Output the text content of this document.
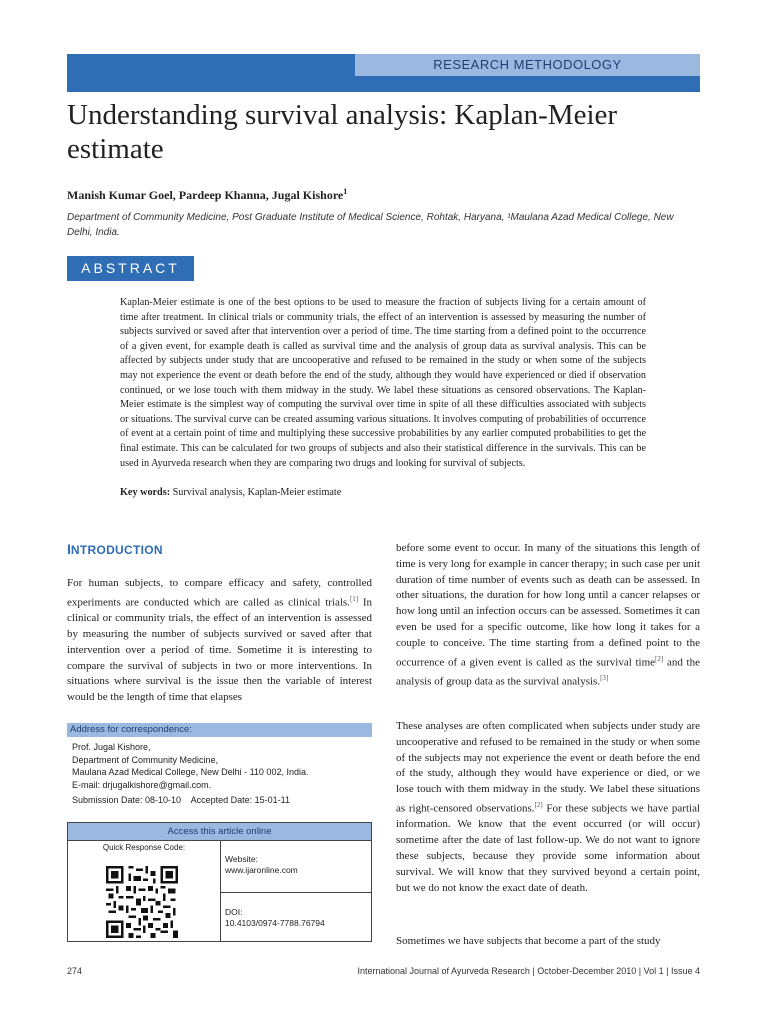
RESEARCH METHODOLOGY
Understanding survival analysis: Kaplan-Meier estimate

Manish Kumar Goel, Pardeep Khanna, Jugal Kishore$^1$

Department of Community Medicine, Post Graduate Institute of Medical Science, Rohtak, Haryana, ¹Maulana Azad Medical College, New Delhi, India.

ABSTRACT

Kaplan-Meier estimate is one of the best options to be used to measure the fraction of subjects living for a certain amount of time after treatment. In clinical trials or community trials, the effect of an intervention is assessed by measuring the number of subjects survived or saved after that intervention over a period of time. The time starting from a defined point to the occurrence of a given event, for example death is called as survival time and the analysis of group data as survival analysis. This can be affected by subjects under study that are uncooperative and refused to be remained in the study or when some of the subjects may not experience the event or death before the end of the study, although they would have experienced or died if observation continued, or we lose touch with them midway in the study. We label these situations as censored observations. The Kaplan-Meier estimate is the simplest way of computing the survival over time in spite of all these difficulties associated with subjects or situations. The survival curve can be created assuming various situations. It involves computing of probabilities of occurrence of event at a certain point of time and multiplying these successive probabilities by any earlier computed probabilities to get the final estimate. This can be calculated for two groups of subjects and also their statistical difference in the survivals. This can be used in Ayurveda research when they are comparing two drugs and looking for survival of subjects.

Key words: Survival analysis, Kaplan-Meier estimate

INTRODUCTION

For human subjects, to compare efficacy and safety, controlled experiments are conducted which are called as clinical trials.[1] In clinical or community trials, the effect of an intervention is assessed by measuring the number of subjects survived or saved after that intervention over a period of time. Sometime it is interesting to compare the survival of subjects in two or more interventions. In situations where survival is the issue then the variable of interest would be the length of time that elapses

Address for correspondence:
Prof. Jugal Kishore,
Department of Community Medicine,
Maulana Azad Medical College, New Delhi - 110 002, India.
E-mail: drjugalkishore@gmail.com.
Submission Date: 08-10-10    Accepted Date: 15-01-11
Access this article online
Quick Response Code:
Website:
www.ijaronline.com
DOI:
10.4103/0974-7788.76794

before some event to occur. In many of the situations this length of time is very long for example in cancer therapy; in such case per unit duration of time number of events such as death can be assessed. In other situations, the duration for how long until a cancer relapses or how long until an infection occurs can be assessed. Sometimes it can even be used for a specific outcome, like how long it takes for a couple to conceive. The time starting from a defined point to the occurrence of a given event is called as the survival time[2] and the analysis of group data as the survival analysis.[3]

These analyses are often complicated when subjects under study are uncooperative and refused to be remained in the study or when some of the subjects may not experience the event or death before the end of the study, although they would have experience or died, or we lose touch with them midway in the study. We label these situations as right-censored observations.[2] For these subjects we have partial information. We know that the event occurred (or will occur) sometime after the date of last follow-up. We do not want to ignore these subjects, because they provide some information about survival. We will know that they survived beyond a certain point, but we do not know the exact date of death.

Sometimes we have subjects that become a part of the study

274	International Journal of Ayurveda Research | October-December 2010 | Vol 1 | Issue 4
